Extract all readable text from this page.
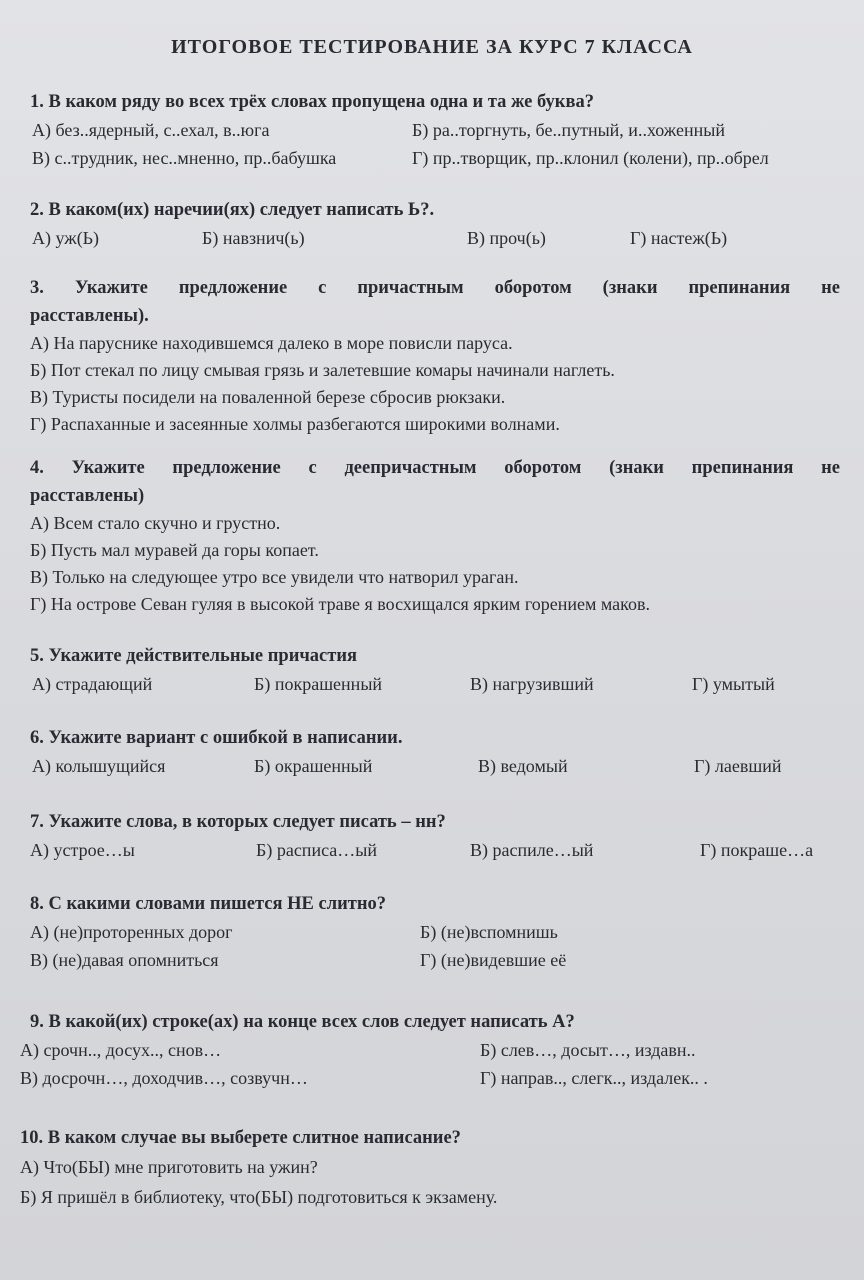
ИТОГОВОЕ ТЕСТИРОВАНИЕ ЗА КУРС 7 КЛАССА
1. В каком ряду во всех трёх словах пропущена одна и та же буква?
А) без..ядерный, с..ехал, в..юга	Б) ра..торгнуть, бе..путный, и..хоженный
В) с..трудник, нес..мненно, пр..бабушка	Г) пр..творщик, пр..клонил (колени), пр..обрел
2. В каком(их) наречии(ях) следует написать Ь?.
А) уж(Ь)	Б) навзнич(ь)	В) проч(ь)	Г) настеж(Ь)
3. Укажите предложение с причастным оборотом (знаки препинания не
расставлены).
А) На паруснике находившемся далеко в море повисли паруса.
Б) Пот стекал по лицу смывая грязь и залетевшие комары начинали наглеть.
В) Туристы посидели на поваленной березе сбросив рюкзаки.
Г) Распаханные и засеянные холмы разбегаются широкими волнами.
4. Укажите предложение с деепричастным оборотом (знаки препинания не
расставлены)
А) Всем стало скучно и грустно.
Б) Пусть мал муравей да горы копает.
В) Только на следующее утро все увидели что натворил ураган.
Г) На острове Севан гуляя в высокой траве я восхищался ярким горением маков.
5. Укажите действительные причастия
А) страдающий	Б) покрашенный	В) нагрузивший	Г) умытый
6. Укажите вариант с ошибкой в написании.
А) колышущийся	Б) окрашенный	В) ведомый	Г) лаевший
7. Укажите слова, в которых следует писать – нн?
А) устрое…ы	Б) расписа…ый	В) распиле…ый	Г) покраше…а
8. С какими словами пишется НЕ слитно?
А) (не)проторенных дорог	Б) (не)вспомнишь
В) (не)давая опомниться	Г) (не)видевшие её
9. В какой(их) строке(ах) на конце всех слов следует написать А?
А) срочн.., досух.., снов…	Б) слев…, досыт…, издавн..
В) досрочн…, доходчив…, созвучн…	Г) направ.., слегк.., издалек.. .
10. В каком случае вы выберете слитное написание?
А) Что(БЫ) мне приготовить на ужин?
Б) Я пришёл в библиотеку, что(БЫ) подготовиться к экзамену.
